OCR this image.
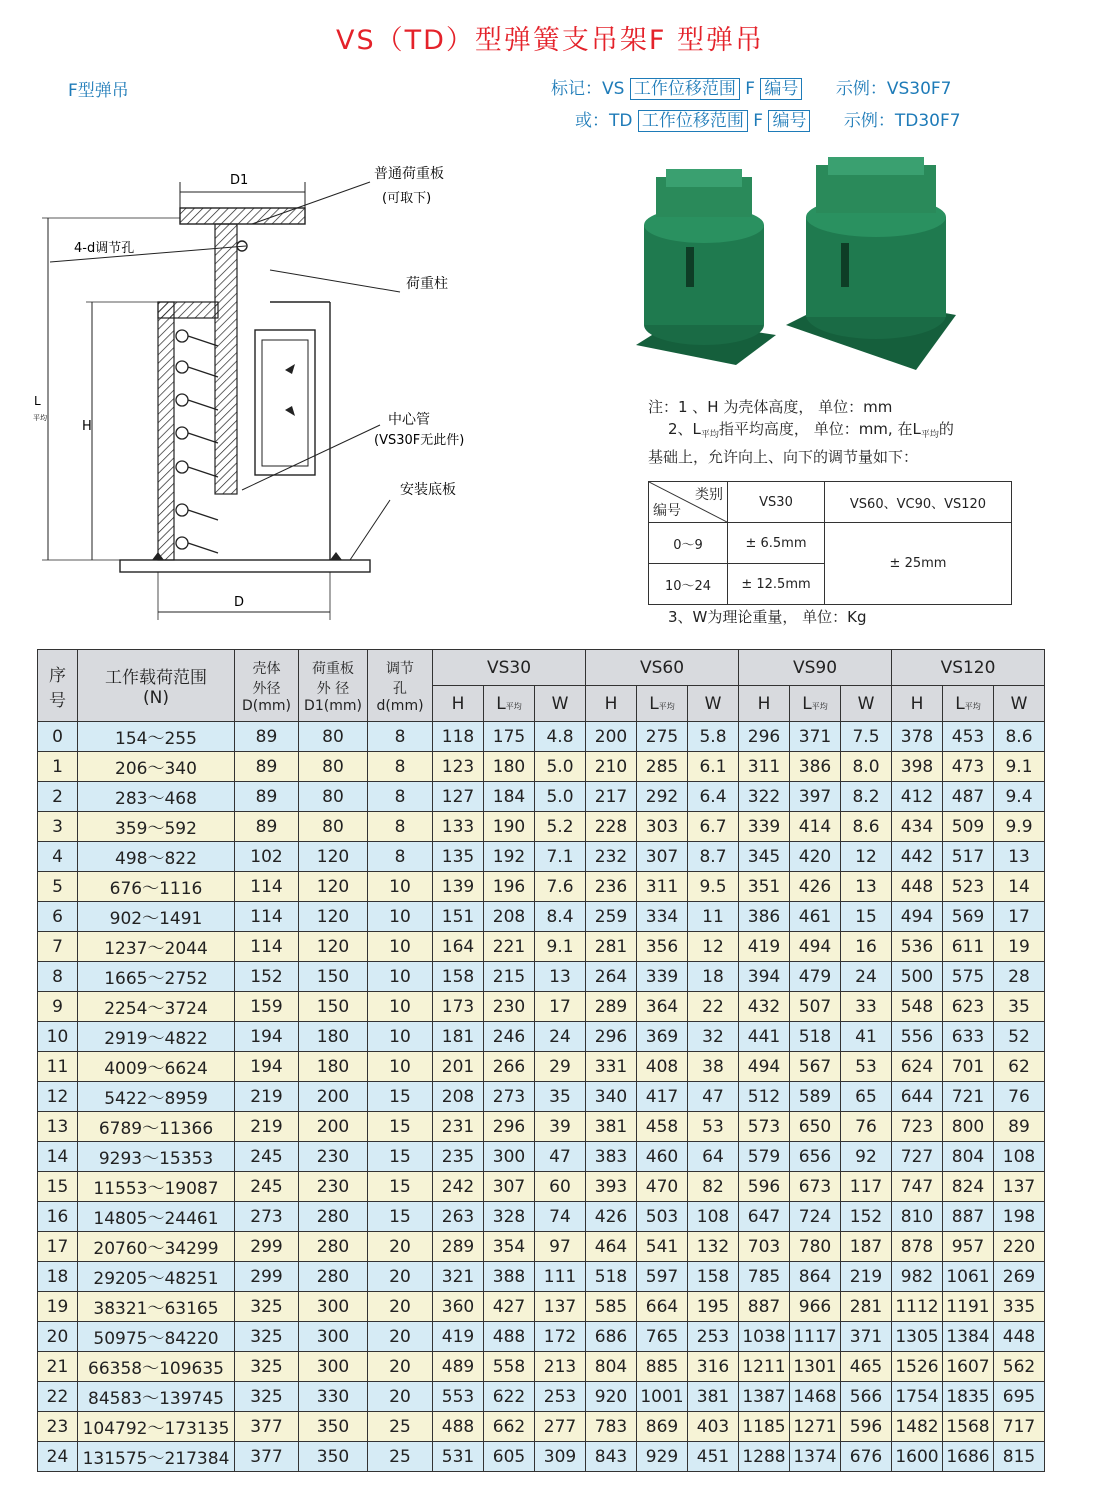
VS（TD）型弹簧支吊架F 型弹吊
F型弹吊	标记：VS 工作位移范围 F 编号 示例：VS30F7
或：TD 工作位移范围 F 编号 示例：TD30F7
D1
L
平均
H
D
普通荷重板
(可取下)
4-d调节孔
荷重柱
中心管
(VS30F无此件)
安装底板
注：1 、H 为壳体高度， 单位：mm
2、$L_{平均}$指平均高度， 单位：mm, 在$L_{平均}$的
基础上，允许向上、向下的调节量如下：
类别
编号	VS30	VS60、VC90、VS120
0～9	± 6.5mm	± 25mm
10～24	± 12.5mm	
3、W为理论重量， 单位：Kg
序
号	工作载荷范围
(N)	壳体
外径
D(mm)	荷重板
外 径
D1(mm)	调节
孔
d(mm)	VS30			VS60			VS90			VS120		
					H	L平均	W	H	L平均	W	H	L平均	W	H	L平均	W
0	154～255	89	80	8	118	175	4.8	200	275	5.8	296	371	7.5	378	453	8.6
1	206～340	89	80	8	123	180	5.0	210	285	6.1	311	386	8.0	398	473	9.1
2	283～468	89	80	8	127	184	5.0	217	292	6.4	322	397	8.2	412	487	9.4
3	359～592	89	80	8	133	190	5.2	228	303	6.7	339	414	8.6	434	509	9.9
4	498～822	102	120	8	135	192	7.1	232	307	8.7	345	420	12	442	517	13
5	676～1116	114	120	10	139	196	7.6	236	311	9.5	351	426	13	448	523	14
6	902～1491	114	120	10	151	208	8.4	259	334	11	386	461	15	494	569	17
7	1237～2044	114	120	10	164	221	9.1	281	356	12	419	494	16	536	611	19
8	1665～2752	152	150	10	158	215	13	264	339	18	394	479	24	500	575	28
9	2254～3724	159	150	10	173	230	17	289	364	22	432	507	33	548	623	35
10	2919～4822	194	180	10	181	246	24	296	369	32	441	518	41	556	633	52
11	4009～6624	194	180	10	201	266	29	331	408	38	494	567	53	624	701	62
12	5422～8959	219	200	15	208	273	35	340	417	47	512	589	65	644	721	76
13	6789～11366	219	200	15	231	296	39	381	458	53	573	650	76	723	800	89
14	9293～15353	245	230	15	235	300	47	383	460	64	579	656	92	727	804	108
15	11553～19087	245	230	15	242	307	60	393	470	82	596	673	117	747	824	137
16	14805～24461	273	280	15	263	328	74	426	503	108	647	724	152	810	887	198
17	20760～34299	299	280	20	289	354	97	464	541	132	703	780	187	878	957	220
18	29205～48251	299	280	20	321	388	111	518	597	158	785	864	219	982	1061	269
19	38321～63165	325	300	20	360	427	137	585	664	195	887	966	281	1112	1191	335
20	50975～84220	325	300	20	419	488	172	686	765	253	1038	1117	371	1305	1384	448
21	66358～109635	325	300	20	489	558	213	804	885	316	1211	1301	465	1526	1607	562
22	84583～139745	325	330	20	553	622	253	920	1001	381	1387	1468	566	1754	1835	695
23	104792～173135	377	350	25	488	662	277	783	869	403	1185	1271	596	1482	1568	717
24	131575～217384	377	350	25	531	605	309	843	929	451	1288	1374	676	1600	1686	815
